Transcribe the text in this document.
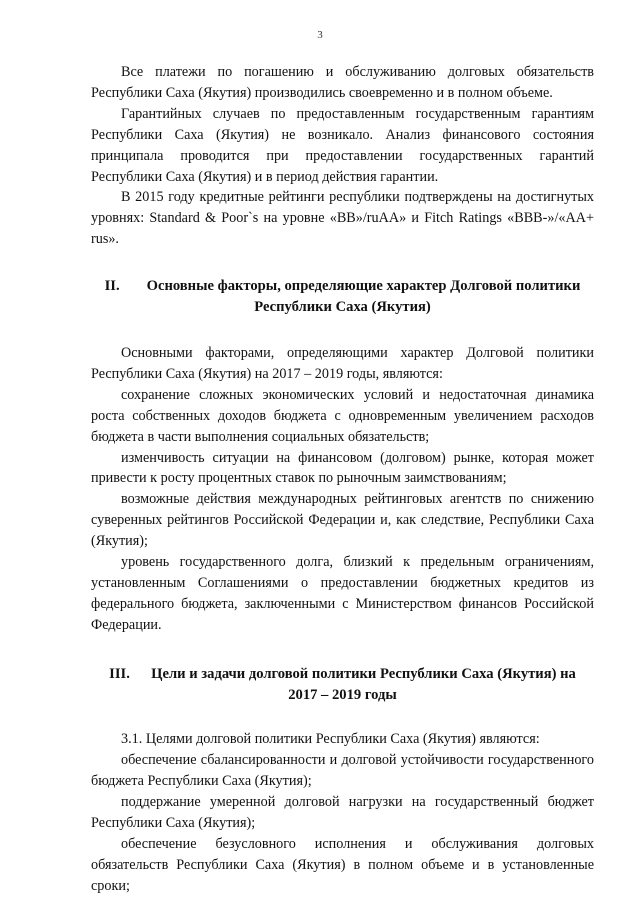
3

Все платежи по погашению и обслуживанию долговых обязательств Республики Саха (Якутия) производились своевременно и в полном объеме.

Гарантийных случаев по предоставленным государственным гарантиям Республики Саха (Якутия) не возникало. Анализ финансового состояния принципала проводится при предоставлении государственных гарантий Республики Саха (Якутия) и в период действия гарантии.

В 2015 году кредитные рейтинги республики подтверждены на достигнутых уровнях: Standard & Poor`s на уровне «BB»/ruAA» и Fitch Ratings «BBB-»/«AA+ rus».

II. Основные факторы, определяющие характер Долговой политики
Республики Саха (Якутия)

Основными факторами, определяющими характер Долговой политики Республики Саха (Якутия) на 2017 – 2019 годы, являются:

сохранение сложных экономических условий и недостаточная динамика роста собственных доходов бюджета с одновременным увеличением расходов бюджета в части выполнения социальных обязательств;

изменчивость ситуации на финансовом (долговом) рынке, которая может привести к росту процентных ставок по рыночным заимствованиям;

возможные действия международных рейтинговых агентств по снижению суверенных рейтингов Российской Федерации и, как следствие, Республики Саха (Якутия);

уровень государственного долга, близкий к предельным ограничениям, установленным Соглашениями о предоставлении бюджетных кредитов из федерального бюджета, заключенными с Министерством финансов Российской Федерации.

III. Цели и задачи долговой политики Республики Саха (Якутия) на
2017 – 2019 годы

3.1. Целями долговой политики Республики Саха (Якутия) являются:

обеспечение сбалансированности и долговой устойчивости государственного бюджета Республики Саха (Якутия);

поддержание умеренной долговой нагрузки на государственный бюджет Республики Саха (Якутия);

обеспечение безусловного исполнения и обслуживания долговых обязательств Республики Саха (Якутия) в полном объеме и в установленные сроки;
